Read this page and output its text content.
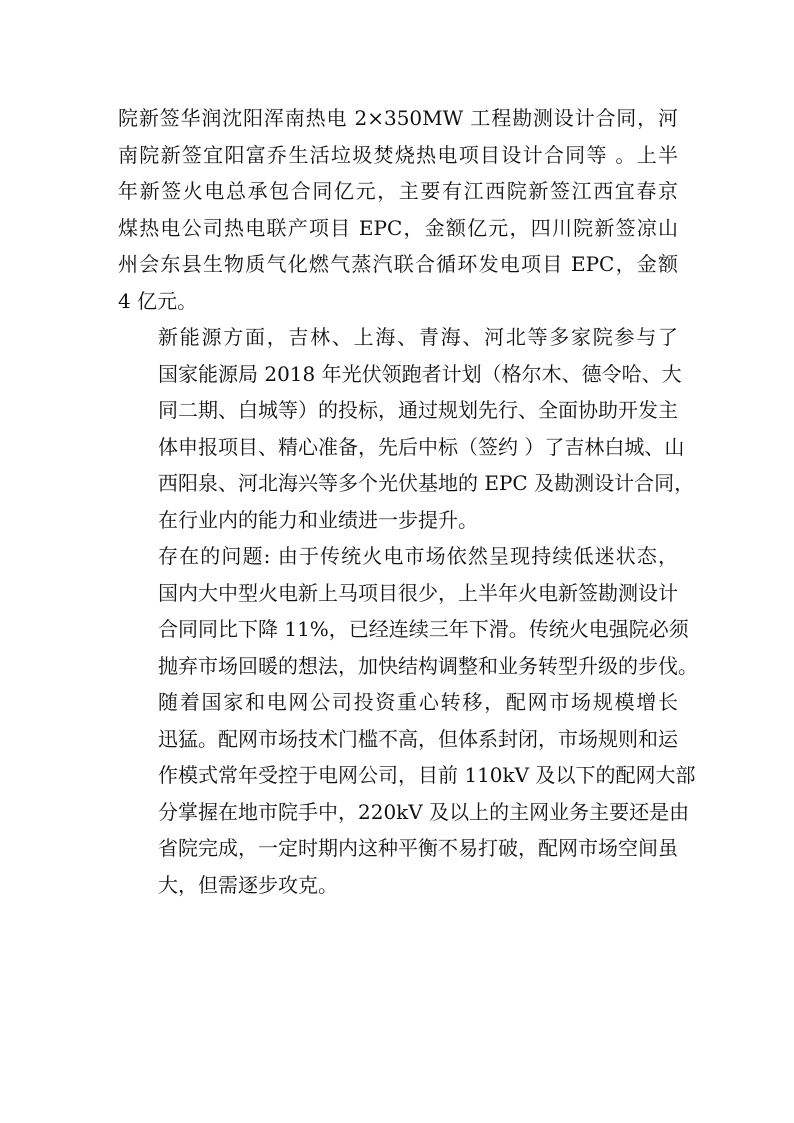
院新签华润沈阳浑南热电 2×350MW 工程勘测设计合同，河
南院新签宜阳富乔生活垃圾焚烧热电项目设计合同等 。上半
年新签火电总承包合同亿元，主要有江西院新签江西宜春京
煤热电公司热电联产项目 EPC，金额亿元，四川院新签凉山
州会东县生物质气化燃气蒸汽联合循环发电项目 EPC，金额
4 亿元。

新能源方面，吉林、上海、青海、河北等多家院参与了
国家能源局 2018 年光伏领跑者计划（格尔木、德令哈、大
同二期、白城等）的投标，通过规划先行、全面协助开发主
体申报项目、精心准备，先后中标（签约 ）了吉林白城、山
西阳泉、河北海兴等多个光伏基地的 EPC 及勘测设计合同，
在行业内的能力和业绩进一步提升。

存在的问题: 由于传统火电市场依然呈现持续低迷状态，
国内大中型火电新上马项目很少，上半年火电新签勘测设计
合同同比下降 11%，已经连续三年下滑。传统火电强院必须
抛弃市场回暖的想法，加快结构调整和业务转型升级的步伐。

随着国家和电网公司投资重心转移，配网市场规模增长
迅猛。配网市场技术门槛不高，但体系封闭，市场规则和运
作模式常年受控于电网公司，目前 110kV 及以下的配网大部
分掌握在地市院手中，220kV 及以上的主网业务主要还是由
省院完成，一定时期内这种平衡不易打破，配网市场空间虽
大，但需逐步攻克。
